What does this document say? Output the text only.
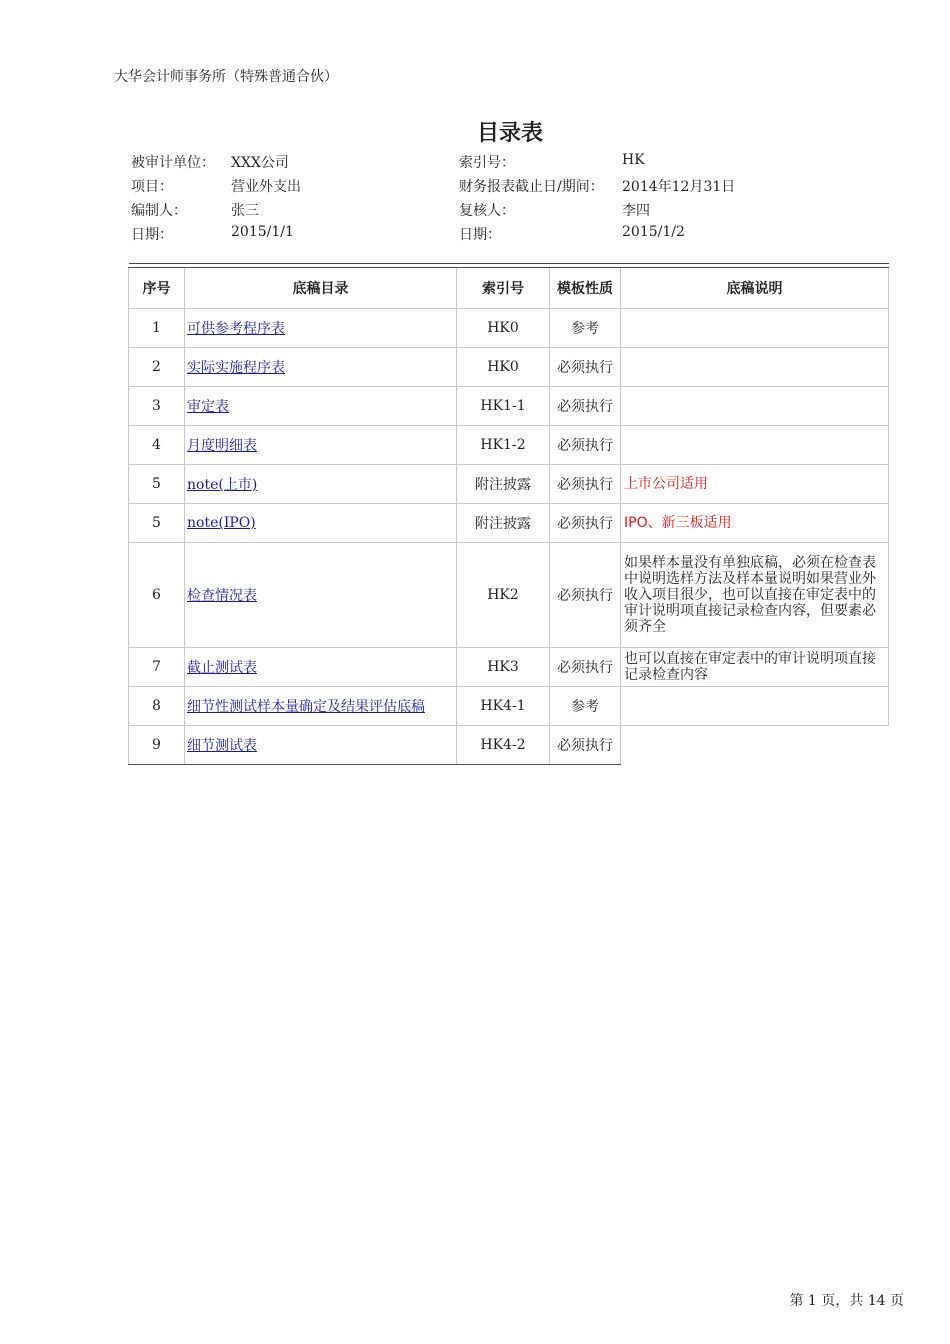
大华会计师事务所（特殊普通合伙）
目录表
被审计单位： XXX公司	索引号：	HK
项目：	营业外支出	财务报表截止日/期间： 2014年12月31日
编制人：	张三	复核人：	李四
日期：	2015/1/1	日期：	2015/1/2

序号	底稿目录	索引号	模板性质	底稿说明
1	可供参考程序表	HK0	参考	
2	实际实施程序表	HK0	必须执行	
3	审定表	HK1-1	必须执行	
4	月度明细表	HK1-2	必须执行	
5	note(上市)	附注披露	必须执行	上市公司适用
5	note(IPO)	附注披露	必须执行	IPO、新三板适用
6	检查情况表	HK2	必须执行	如果样本量没有单独底稿，必须在检查表中说明选样方法及样本量说明如果营业外收入项目很少，也可以直接在审定表中的审计说明项直接记录检查内容，但要素必须齐全
7	截止测试表	HK3	必须执行	也可以直接在审定表中的审计说明项直接记录检查内容
8	细节性测试样本量确定及结果评估底稿	HK4-1	参考	
9	细节测试表	HK4-2	必须执行	
第 1 页，共 14 页
